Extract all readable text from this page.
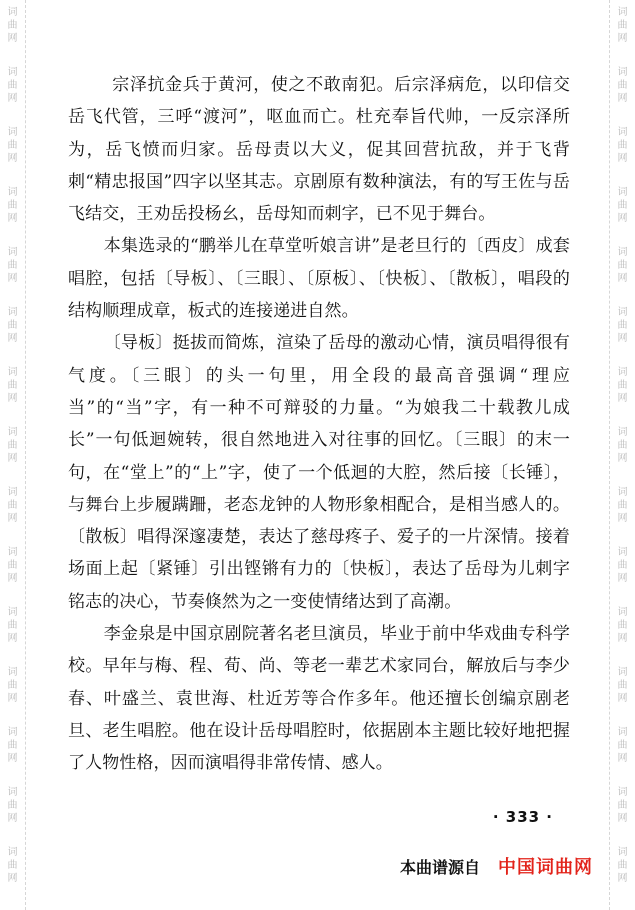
词
曲
网
词
曲
网
词
曲
网
词
曲
网
词
曲
网
词
曲
网
词
曲
网
词
曲
网
词
曲
网
词
曲
网
词
曲
网
词
曲
网
词
曲
网
词
曲
网
词
曲
网
词
曲
网
词
曲
网
词
曲
网
词
曲
网
词
曲
网
词
曲
网
词
曲
网
词
曲
网
词
曲
网
词
曲
网
词
曲
网
词
曲
网
词
曲
网
词
曲
网
词
曲
网

宗泽抗金兵于黄河，使之不敢南犯。后宗泽病危，以印信交岳飞代管，三呼“渡河”，呕血而亡。杜充奉旨代帅，一反宗泽所为，岳飞愤而归家。岳母责以大义，促其回营抗敌，并于飞背刺“精忠报国”四字以坚其志。京剧原有数种演法，有的写王佐与岳飞结交，王劝岳投杨幺，岳母知而刺字，已不见于舞台。

本集选录的“鹏举儿在草堂听娘言讲”是老旦行的〔西皮〕成套唱腔，包括〔导板〕、〔三眼〕、〔原板〕、〔快板〕、〔散板〕，唱段的结构顺理成章，板式的连接递进自然。

〔导板〕挺拔而简炼，渲染了岳母的激动心情，演员唱得很有气度。〔三眼〕的头一句里，用全段的最高音强调“理应当”的“当”字，有一种不可辩驳的力量。“为娘我二十载教儿成长”一句低迴婉转，很自然地进入对往事的回忆。〔三眼〕的末一句，在“堂上”的“上”字，使了一个低迴的大腔，然后接〔长锤〕，与舞台上步履蹒跚，老态龙钟的人物形象相配合，是相当感人的。〔散板〕唱得深邃凄楚，表达了慈母疼子、爱子的一片深情。接着场面上起〔紧锤〕引出铿锵有力的〔快板〕，表达了岳母为儿刺字铭志的决心，节奏倏然为之一变使情绪达到了高潮。

李金泉是中国京剧院著名老旦演员，毕业于前中华戏曲专科学校。早年与梅、程、荀、尚、等老一辈艺术家同台，解放后与李少春、叶盛兰、袁世海、杜近芳等合作多年。他还擅长创编京剧老旦、老生唱腔。他在设计岳母唱腔时，依据剧本主题比较好地把握了人物性格，因而演唱得非常传情、感人。

· 333 ·
本曲谱源自 中国词曲网
